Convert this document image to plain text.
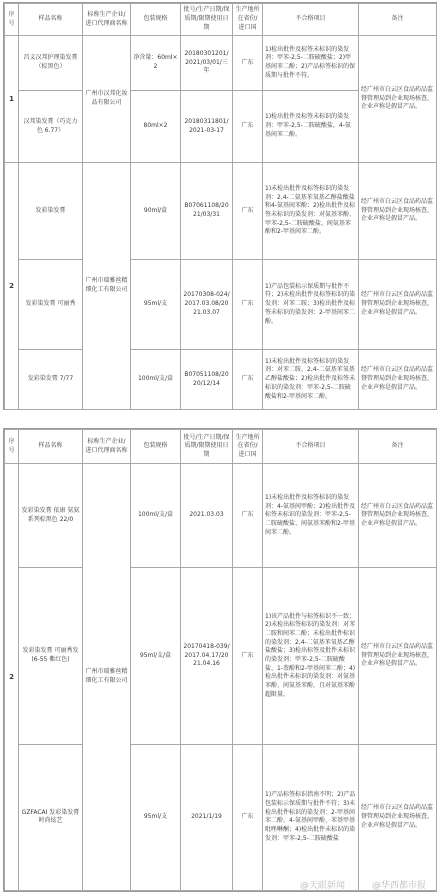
序号	样品名称	标称生产企业/进口代理商名称	包装规格	批号/生产日期/保质期/限期使用日期	生产地所在省份/进口国	不合格项目	备注
1	昌义汉邦护理染发膏（棕黑色）	广州市汉邦化妆品有限公司	净含量：60ml×2	20180301201/2021/03/01/三年	广东	1)检出批件及标签未标识的染发剂：甲苯-2,5-二胺硫酸盐；2)甲基间苯二酚；2)产品标签标识的保质期与批件不符。	经广州市白云区食品药品监督管理局到企业现场核查，企业声称是假冒产品。
	汉邦染发膏（巧克力色 6.77）		80ml×2	20180311801/2021-03-17	广东	1)检出批件及标签未标识的染发剂：甲苯-2,5-二胺硫酸盐，4-氨基间苯二酚。	
2	发彩染发膏	广州市瑞雅丝精细化工有限公司	90ml/盒	B07061108/2021/03/31	广东	1)未检出批件及标签标识的染发剂：2,4-二氨基苯氧基乙醇盐酸盐和4-氨基间苯酚；2)检出批件及标签未标识的染发剂：对氨基苯酚、甲苯-2,5-二胺硫酸盐、间氨基苯酚和2-甲基间苯二酚。	经广州市白云区食品药品监督管理局到企业现场核查，企业声称是假冒产品。
	发彩染发膏 可丽秀		95ml/支	20170308-024/2017.03.08/2021.03.07	广东	1)产品包装标示保质期与批件不符；2)未检出批件及标签标识的染发剂：对苯二胺；3)检出批件及标签未标识的染发剂：2-甲基间苯二酚。	经广州市白云区食品药品监督管理局到企业现场核查，企业声称是假冒产品。
	发彩染发膏 7/77		100ml/支/盒	B07051108/2020/12/14	广东	1)未检出批件及标签标识的染发剂：对苯二胺、2,4-二氨基苯氧基乙醇盐酸盐；2)检出批件及标签未标识的染发剂：甲苯-2,5-二胺硫酸盐和2-甲基间苯二酚。	经广州市白云区食品药品监督管理局到企业现场核查，企业声称是假冒产品。
序号	样品名称	标称生产企业/进口代理商名称	包装规格	批号/生产日期/保质期/限期使用日期	生产地所在省份/进口国	不合格项目	备注
2	发彩染发膏 依康 氨氨系列棕黑色 22/0	广州市瑞雅丝精细化工有限公司	100ml/支/盒	2021.03.03	广东	1)未检出批件及标签标识的染发剂：4-氨基间甲酚；2)检出批件及标签未标识的染发剂：甲苯-2,5-二胺硫酸盐、间氨基苯酚和2-甲基间苯二酚。	经广州市白云区食品药品监督管理局到企业现场核查，企业声称是假冒产品。
	发彩染发膏 可丽秀发(6-55 紫红色)		95ml/支/盒	20170418-039/2017.04.17/2021.04.16	广东	1)该产品批件与标签标识不一致；2)未检出标签标识的染发剂：对苯二胺和间苯二酚；未检出批件标识的染发剂：2,4-二氨基苯氧基乙醇盐酸盐；3)检出标签及批件未标识的染发剂：甲苯-2,5-二胺硫酸盐、1-萘酚和2-甲基间苯二酚；4)检出批件未标识的染发剂：对氨基苯酚、间氨基苯酚，且对氨基苯酚超限量。	经广州市白云区食品药品监督管理局到企业现场核查，企业声称是假冒产品。
	GZFACAI 发彩染发膏 时尚炫艺		95ml/支	2021/1/19	广东	1)产品标签标识指南不明；2)产品包装标示保质期与批件不符；3)未检出批件标识的染发剂：2-甲基间苯二酚、4-氨基间甲酚、苯基甲基吡唑啉酮；4)检出批件未标识的染发剂：甲苯-2,5-二胺硫酸盐	经广州市白云区食品药品监督管理局到企业现场核查，企业声称是假冒产品。
@天眼新闻	@华西都市报
